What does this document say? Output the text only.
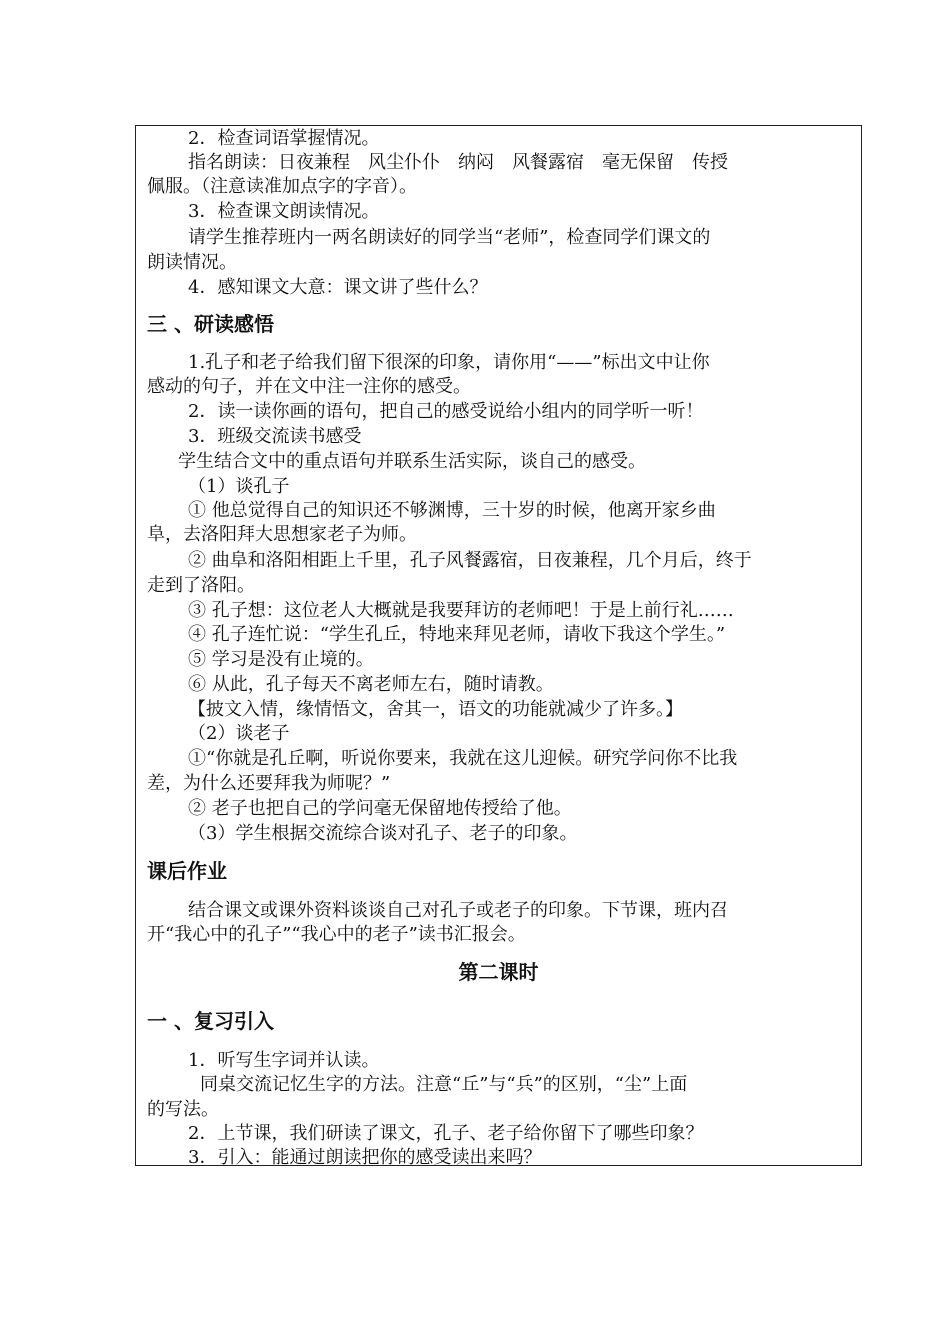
2．检查词语掌握情况。
指名朗读：日夜兼程　风尘仆仆　纳闷　风餐露宿　毫无保留　传授
佩服。（注意读准加点字的字音）。
3．检查课文朗读情况。
请学生推荐班内一两名朗读好的同学当“老师”，检查同学们课文的
朗读情况。
4．感知课文大意：课文讲了些什么？
三 、研读感悟
1.孔子和老子给我们留下很深的印象，请你用“——”标出文中让你
感动的句子，并在文中注一注你的感受。
2．读一读你画的语句，把自己的感受说给小组内的同学听一听！
3．班级交流读书感受
学生结合文中的重点语句并联系生活实际，谈自己的感受。
（1）谈孔子
① 他总觉得自己的知识还不够渊博，三十岁的时候，他离开家乡曲
阜，去洛阳拜大思想家老子为师。
② 曲阜和洛阳相距上千里，孔子风餐露宿，日夜兼程，几个月后，终于
走到了洛阳。
③ 孔子想：这位老人大概就是我要拜访的老师吧！于是上前行礼……
④ 孔子连忙说：“学生孔丘，特地来拜见老师，请收下我这个学生。”
⑤ 学习是没有止境的。
⑥ 从此，孔子每天不离老师左右，随时请教。
【披文入情，缘情悟文，舍其一，语文的功能就减少了许多。】
（2）谈老子
①“你就是孔丘啊，听说你要来，我就在这儿迎候。研究学问你不比我
差，为什么还要拜我为师呢？”
② 老子也把自己的学问毫无保留地传授给了他。
（3）学生根据交流综合谈对孔子、老子的印象。
课后作业
结合课文或课外资料谈谈自己对孔子或老子的印象。下节课，班内召
开“我心中的孔子”“我心中的老子”读书汇报会。
第二课时
一 、复习引入
1．听写生字词并认读。
同桌交流记忆生字的方法。注意“丘”与“兵”的区别，“尘”上面
的写法。
2．上节课，我们研读了课文，孔子、老子给你留下了哪些印象？
3．引入：能通过朗读把你的感受读出来吗？
